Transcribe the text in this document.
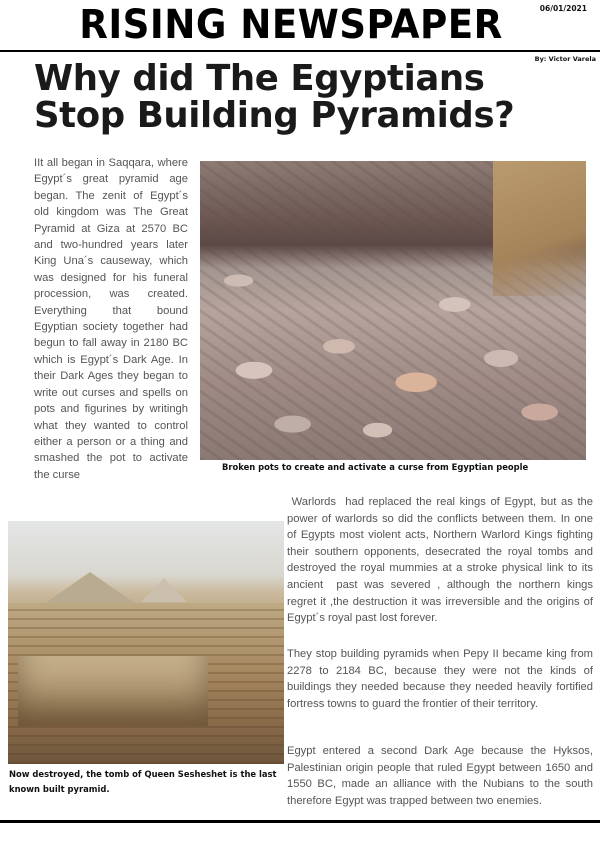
RISING NEWSPAPER	06/01/2021
By: Victor Varela
Why did The Egyptians
Stop Building Pyramids?

IIt all began in Saqqara, where Egypt´s great pyramid age began. The zenit of Egypt´s old kingdom was The Great Pyramid at Giza at 2570 BC and two-hundred years later King Una´s causeway, which was designed for his funeral procession, was created. Everything that bound Egyptian society together had begun to fall away in 2180 BC which is Egypt´s Dark Age. In their Dark Ages they began to write out curses and spells on pots and figurines by writingh what they wanted to control either a person or a thing and smashed the pot to activate the curse

Broken pots to create and activate a curse from Egyptian people
Now destroyed, the tomb of Queen Sesheshet is the last known built pyramid.

Warlords  had replaced the real kings of Egypt, but as the power of warlords so did the conflicts between them. In one of Egypts most violent acts, Northern Warlord Kings fighting their southern opponents, desecrated the royal tombs and destroyed the royal mummies at a stroke physical link to its ancient  past was severed , although the northern kings regret it ,the destruction it was irreversible and the origins of Egypt´s royal past lost forever.

They stop building pyramids when Pepy II became king from 2278 to 2184 BC, because they were not the kinds of buildings they needed because they needed heavily fortified fortress towns to guard the frontier of their territory.

Egypt entered a second Dark Age because the Hyksos, Palestinian origin people that ruled Egypt between 1650 and 1550 BC, made an alliance with the Nubians to the south therefore Egypt was trapped between two enemies.
